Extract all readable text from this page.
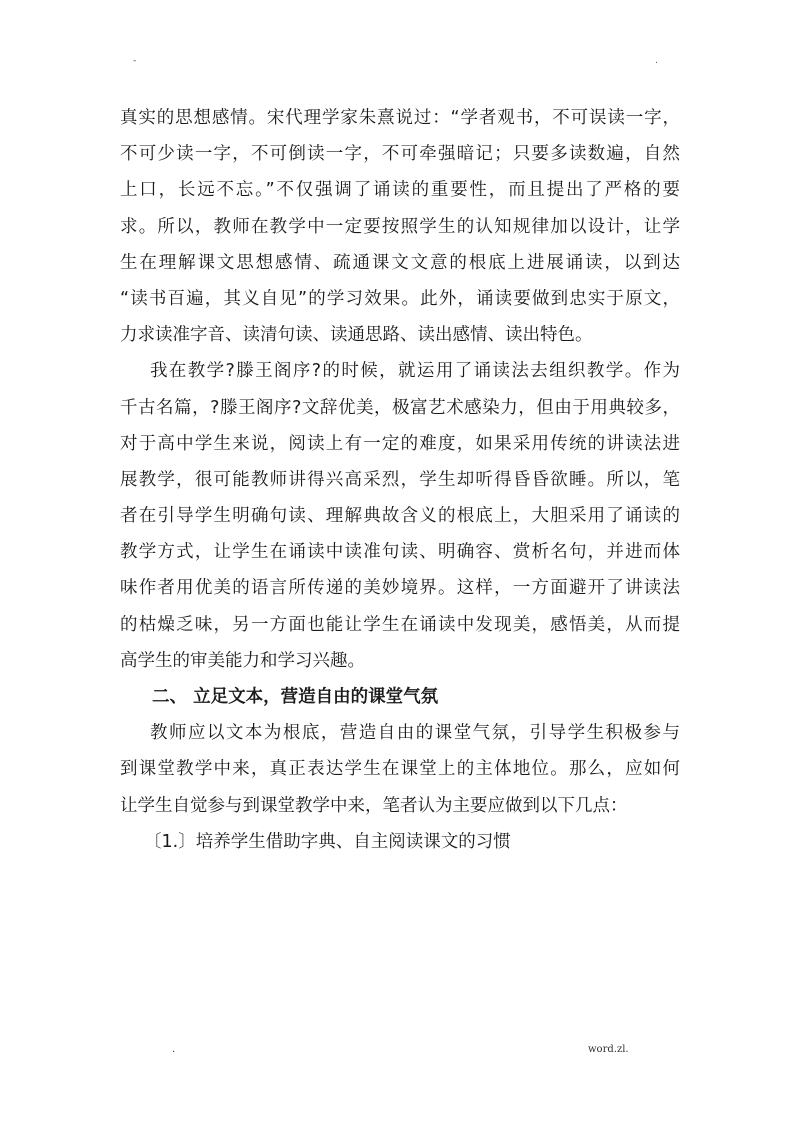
-	.
真实的思想感情。宋代理学家朱熹说过：“学者观书，不可误读一字，
不可少读一字，不可倒读一字，不可牵强暗记；只要多读数遍，自然
上口，长远不忘。”不仅强调了诵读的重要性，而且提出了严格的要
求。所以，教师在教学中一定要按照学生的认知规律加以设计，让学
生在理解课文思想感情、疏通课文文意的根底上进展诵读，以到达
“读书百遍，其义自见”的学习效果。此外，诵读要做到忠实于原文，
力求读准字音、读清句读、读通思路、读出感情、读出特色。
我在教学?滕王阁序?的时候，就运用了诵读法去组织教学。作为
千古名篇，?滕王阁序?文辞优美，极富艺术感染力，但由于用典较多，
对于高中学生来说，阅读上有一定的难度，如果采用传统的讲读法进
展教学，很可能教师讲得兴高采烈，学生却听得昏昏欲睡。所以，笔
者在引导学生明确句读、理解典故含义的根底上，大胆采用了诵读的
教学方式，让学生在诵读中读准句读、明确容、赏析名句，并进而体
味作者用优美的语言所传递的美妙境界。这样，一方面避开了讲读法
的枯燥乏味，另一方面也能让学生在诵读中发现美，感悟美，从而提
高学生的审美能力和学习兴趣。
二、 立足文本，营造自由的课堂气氛
教师应以文本为根底，营造自由的课堂气氛，引导学生积极参与
到课堂教学中来，真正表达学生在课堂上的主体地位。那么，应如何
让学生自觉参与到课堂教学中来，笔者认为主要应做到以下几点：
〔1.〕培养学生借助字典、自主阅读课文的习惯
.	word.zl.
